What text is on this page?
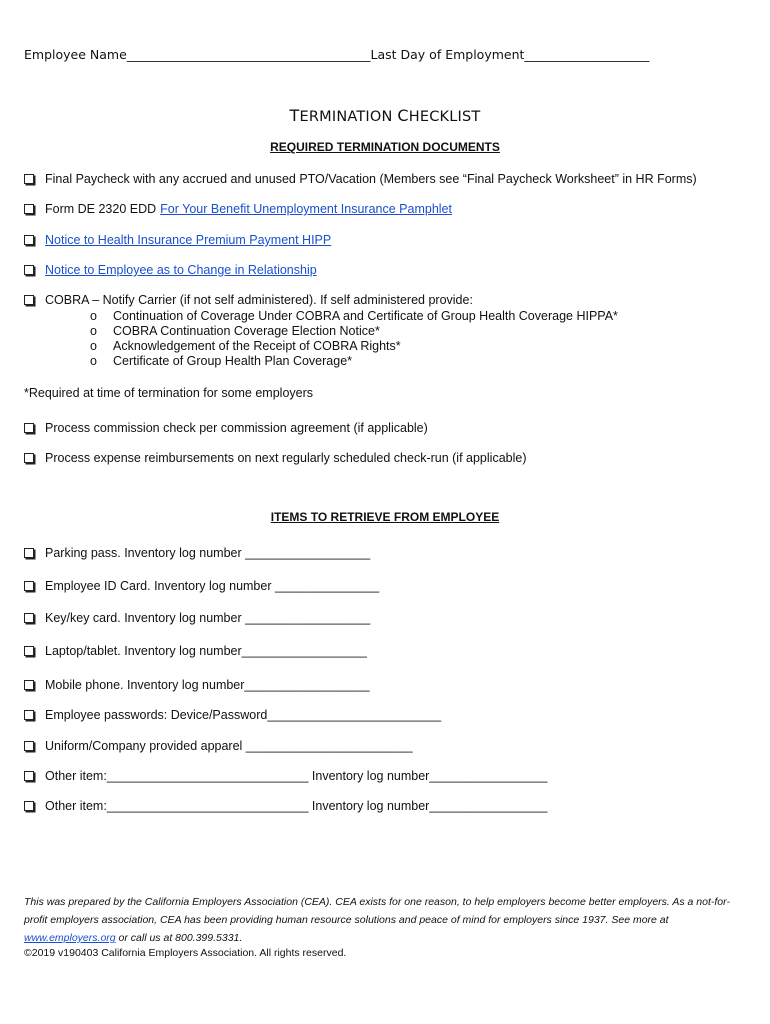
Employee Name_______________________________________Last Day of Employment____________________
TERMINATION CHECKLIST
REQUIRED TERMINATION DOCUMENTS
Final Paycheck with any accrued and unused PTO/Vacation (Members see “Final Paycheck Worksheet” in HR Forms)
Form DE 2320 EDD For Your Benefit Unemployment Insurance Pamphlet
Notice to Health Insurance Premium Payment HIPP
Notice to Employee as to Change in Relationship
COBRA – Notify Carrier (if not self administered). If self administered provide:
o Continuation of Coverage Under COBRA and Certificate of Group Health Coverage HIPPA*
o COBRA Continuation Coverage Election Notice*
o Acknowledgement of the Receipt of COBRA Rights*
o Certificate of Group Health Plan Coverage*
*Required at time of termination for some employers
Process commission check per commission agreement (if applicable)
Process expense reimbursements on next regularly scheduled check-run (if applicable)
ITEMS TO RETRIEVE FROM EMPLOYEE
Parking pass. Inventory log number __________________
Employee ID Card. Inventory log number _______________
Key/key card. Inventory log number __________________
Laptop/tablet. Inventory log number__________________
Mobile phone. Inventory log number__________________
Employee passwords: Device/Password_________________________
Uniform/Company provided apparel ________________________
Other item:_____________________________ Inventory log number_________________
Other item:_____________________________ Inventory log number_________________
This was prepared by the California Employers Association (CEA). CEA exists for one reason, to help employers become better employers. As a not-for-profit employers association, CEA has been providing human resource solutions and peace of mind for employers since 1937. See more at www.employers.org or call us at 800.399.5331.
©2019 v190403 California Employers Association. All rights reserved.
